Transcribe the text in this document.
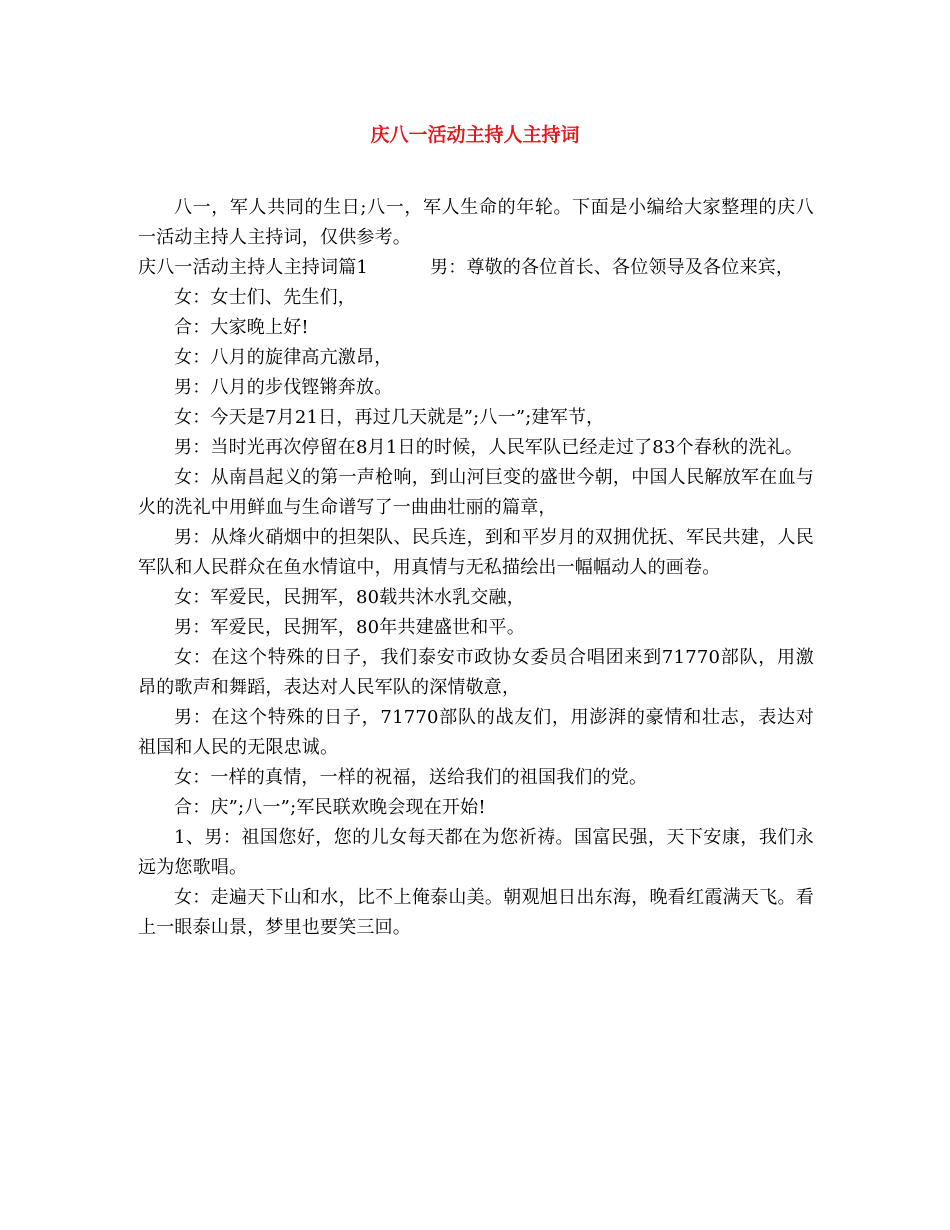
庆八一活动主持人主持词

八一，军人共同的生日;八一，军人生命的年轮。下面是小编给大家整理的庆八一活动主持人主持词，仅供参考。

庆八一活动主持人主持词篇1	男：尊敬的各位首长、各位领导及各位来宾，

女：女士们、先生们，

合：大家晚上好!

女：八月的旋律高亢激昂，

男：八月的步伐铿锵奔放。

女：今天是7月21日，再过几天就是”;八一”;建军节，

男：当时光再次停留在8月1日的时候，人民军队已经走过了83个春秋的洗礼。

女：从南昌起义的第一声枪响，到山河巨变的盛世今朝，中国人民解放军在血与火的洗礼中用鲜血与生命谱写了一曲曲壮丽的篇章，

男：从烽火硝烟中的担架队、民兵连，到和平岁月的双拥优抚、军民共建，人民军队和人民群众在鱼水情谊中，用真情与无私描绘出一幅幅动人的画卷。

女：军爱民，民拥军，80载共沐水乳交融，

男：军爱民，民拥军，80年共建盛世和平。

女：在这个特殊的日子，我们泰安市政协女委员合唱团来到71770部队，用激昂的歌声和舞蹈，表达对人民军队的深情敬意，

男：在这个特殊的日子，71770部队的战友们，用澎湃的豪情和壮志，表达对祖国和人民的无限忠诚。

女：一样的真情，一样的祝福，送给我们的祖国我们的党。

合：庆”;八一”;军民联欢晚会现在开始!

1、男：祖国您好，您的儿女每天都在为您祈祷。国富民强，天下安康，我们永远为您歌唱。

女：走遍天下山和水，比不上俺泰山美。朝观旭日出东海，晚看红霞满天飞。看上一眼泰山景，梦里也要笑三回。
